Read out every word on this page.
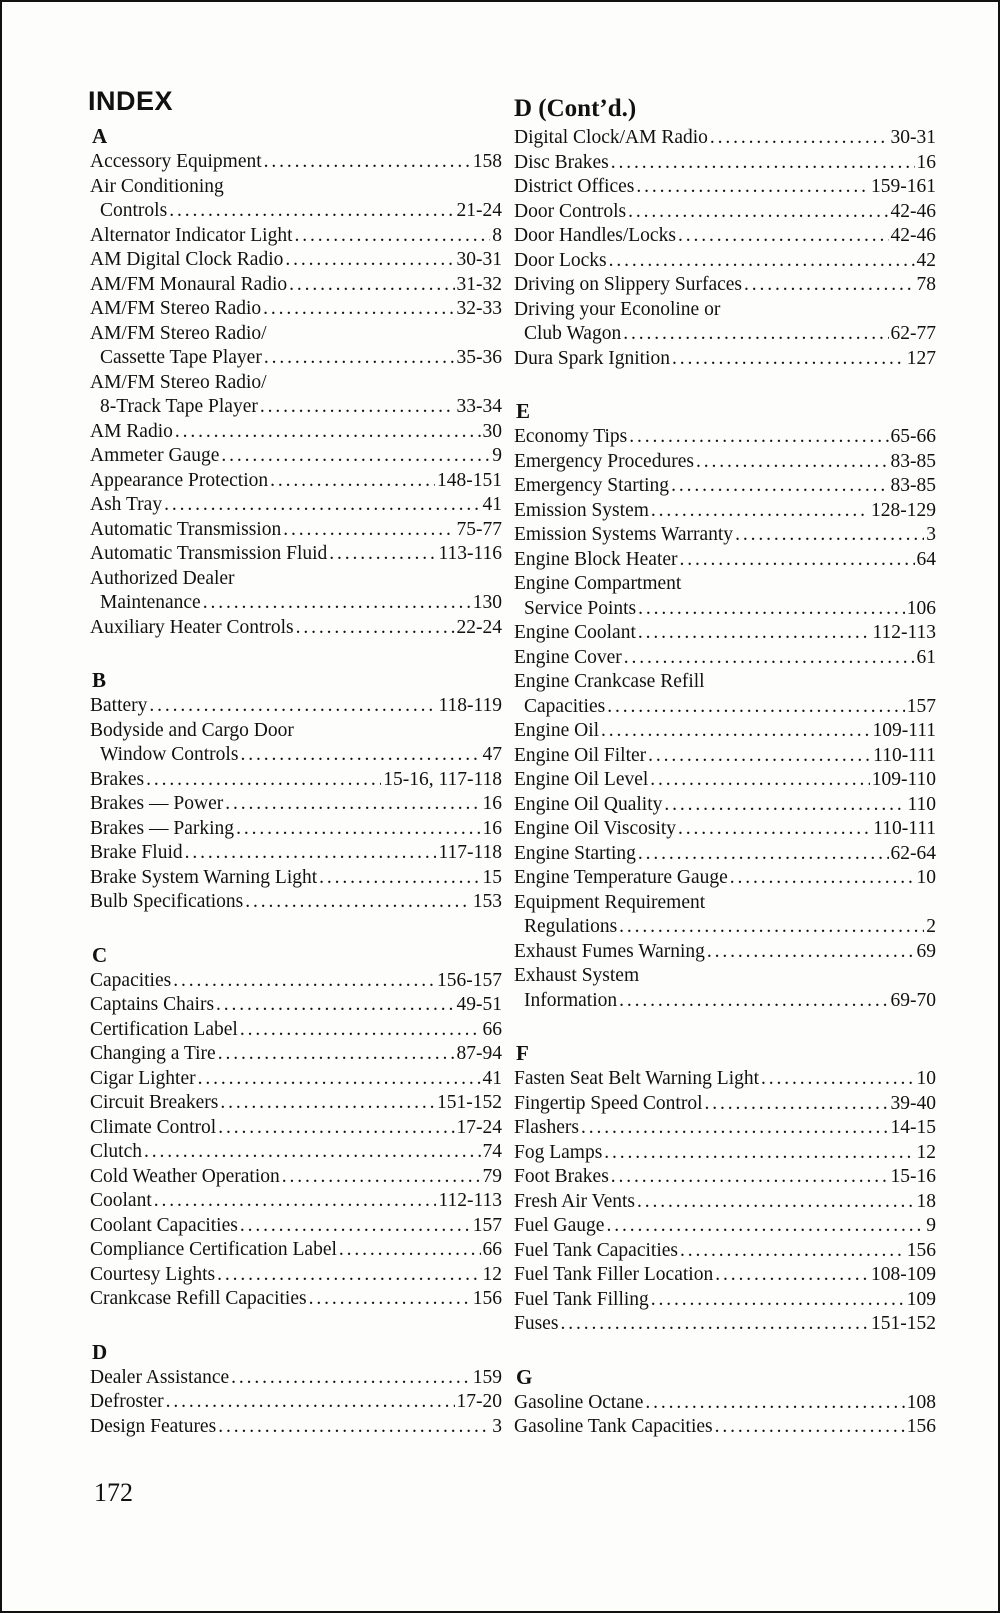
INDEX
A
Accessory Equipment . . .	158
Air Conditioning
Controls . . .	21-24
Alternator Indicator Light . . .	8
AM Digital Clock Radio . . .	30-31
AM/FM Monaural Radio . . .	31-32
AM/FM Stereo Radio . . .	32-33
AM/FM Stereo Radio/
Cassette Tape Player . . .	35-36
AM/FM Stereo Radio/
8-Track Tape Player . . .	33-34
AM Radio . . .	30
Ammeter Gauge . . .	9
Appearance Protection . . .	148-151
Ash Tray . . .	41
Automatic Transmission . . .	75-77
Automatic Transmission Fluid . . .	113-116
Authorized Dealer
Maintenance . . .	130
Auxiliary Heater Controls . . .	22-24
B
Battery . . .	118-119
Bodyside and Cargo Door
Window Controls . . .	47
Brakes . . .	15-16, 117-118
Brakes — Power . . .	16
Brakes — Parking . . .	16
Brake Fluid . . .	117-118
Brake System Warning Light . . .	15
Bulb Specifications . . .	153
C
Capacities . . .	156-157
Captains Chairs . . .	49-51
Certification Label . . .	66
Changing a Tire . . .	87-94
Cigar Lighter . . .	41
Circuit Breakers . . .	151-152
Climate Control . . .	17-24
Clutch . . .	74
Cold Weather Operation . . .	79
Coolant . . .	112-113
Coolant Capacities . . .	157
Compliance Certification Label . . .	66
Courtesy Lights . . .	12
Crankcase Refill Capacities . . .	156
D
Dealer Assistance . . .	159
Defroster . . .	17-20
Design Features . . .	3
D (Cont’d.)
Digital Clock/AM Radio . . .	30-31
Disc Brakes . . .	16
District Offices . . .	159-161
Door Controls . . .	42-46
Door Handles/Locks . . .	42-46
Door Locks . . .	42
Driving on Slippery Surfaces . . .	78
Driving your Econoline or
Club Wagon . . .	62-77
Dura Spark Ignition . . .	127
E
Economy Tips . . .	65-66
Emergency Procedures . . .	83-85
Emergency Starting . . .	83-85
Emission System . . .	128-129
Emission Systems Warranty . . .	3
Engine Block Heater . . .	64
Engine Compartment
Service Points . . .	106
Engine Coolant . . .	112-113
Engine Cover . . .	61
Engine Crankcase Refill
Capacities . . .	157
Engine Oil . . .	109-111
Engine Oil Filter . . .	110-111
Engine Oil Level . . .	109-110
Engine Oil Quality . . .	110
Engine Oil Viscosity . . .	110-111
Engine Starting . . .	62-64
Engine Temperature Gauge . . .	10
Equipment Requirement
Regulations . . .	2
Exhaust Fumes Warning . . .	69
Exhaust System
Information . . .	69-70
F
Fasten Seat Belt Warning Light . . .	10
Fingertip Speed Control . . .	39-40
Flashers . . .	14-15
Fog Lamps . . .	12
Foot Brakes . . .	15-16
Fresh Air Vents . . .	18
Fuel Gauge . . .	9
Fuel Tank Capacities . . .	156
Fuel Tank Filler Location . . .	108-109
Fuel Tank Filling . . .	109
Fuses . . .	151-152
G
Gasoline Octane . . .	108
Gasoline Tank Capacities . . .	156
172
